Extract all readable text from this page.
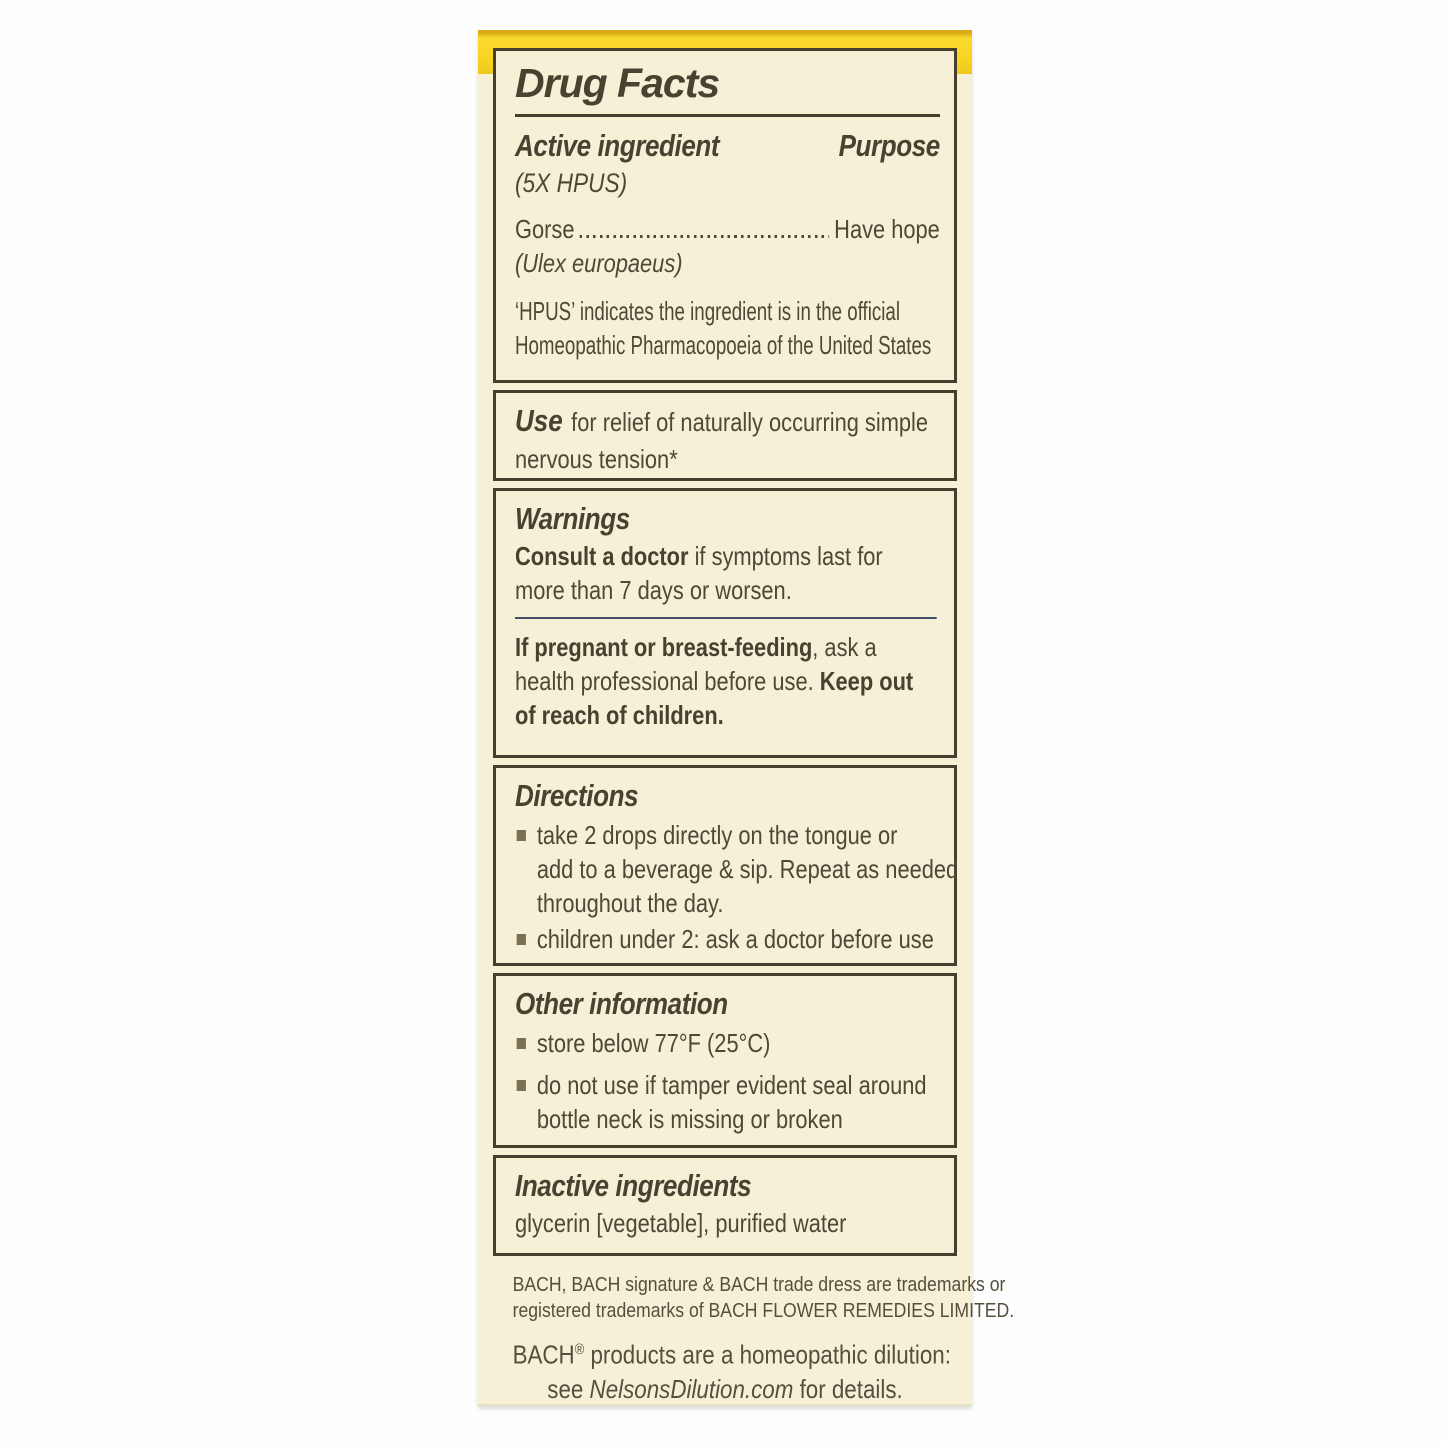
Drug Facts
Active ingredient	Purpose
(5X HPUS)
Gorse	Have hope
(Ulex europaeus)
‘HPUS’ indicates the ingredient is in the official
Homeopathic Pharmacopoeia of the United States
Use for relief of naturally occurring simple
nervous tension*
Warnings
Consult a doctor if symptoms last for
more than 7 days or worsen.
If pregnant or breast-feeding, ask a
health professional before use. Keep out
of reach of children.
Directions
take 2 drops directly on the tongue or
add to a beverage & sip. Repeat as needed
throughout the day.
children under 2: ask a doctor before use
Other information
store below 77°F (25°C)
do not use if tamper evident seal around
bottle neck is missing or broken
Inactive ingredients
glycerin [vegetable], purified water
BACH, BACH signature & BACH trade dress are trademarks or
registered trademarks of BACH FLOWER REMEDIES LIMITED.
BACH® products are a homeopathic dilution:
see NelsonsDilution.com for details.
